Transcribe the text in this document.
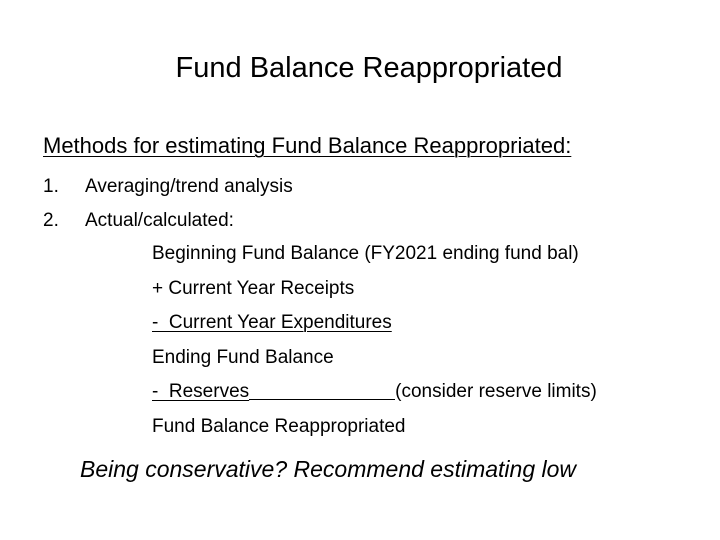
Fund Balance Reappropriated
Methods for estimating Fund Balance Reappropriated:
1. Averaging/trend analysis
2. Actual/calculated:
Beginning Fund Balance (FY2021 ending fund bal)
+ Current Year Receipts
-  Current Year Expenditures
Ending Fund Balance
-  Reserves	(consider reserve limits)
Fund Balance Reappropriated
Being conservative? Recommend estimating low
